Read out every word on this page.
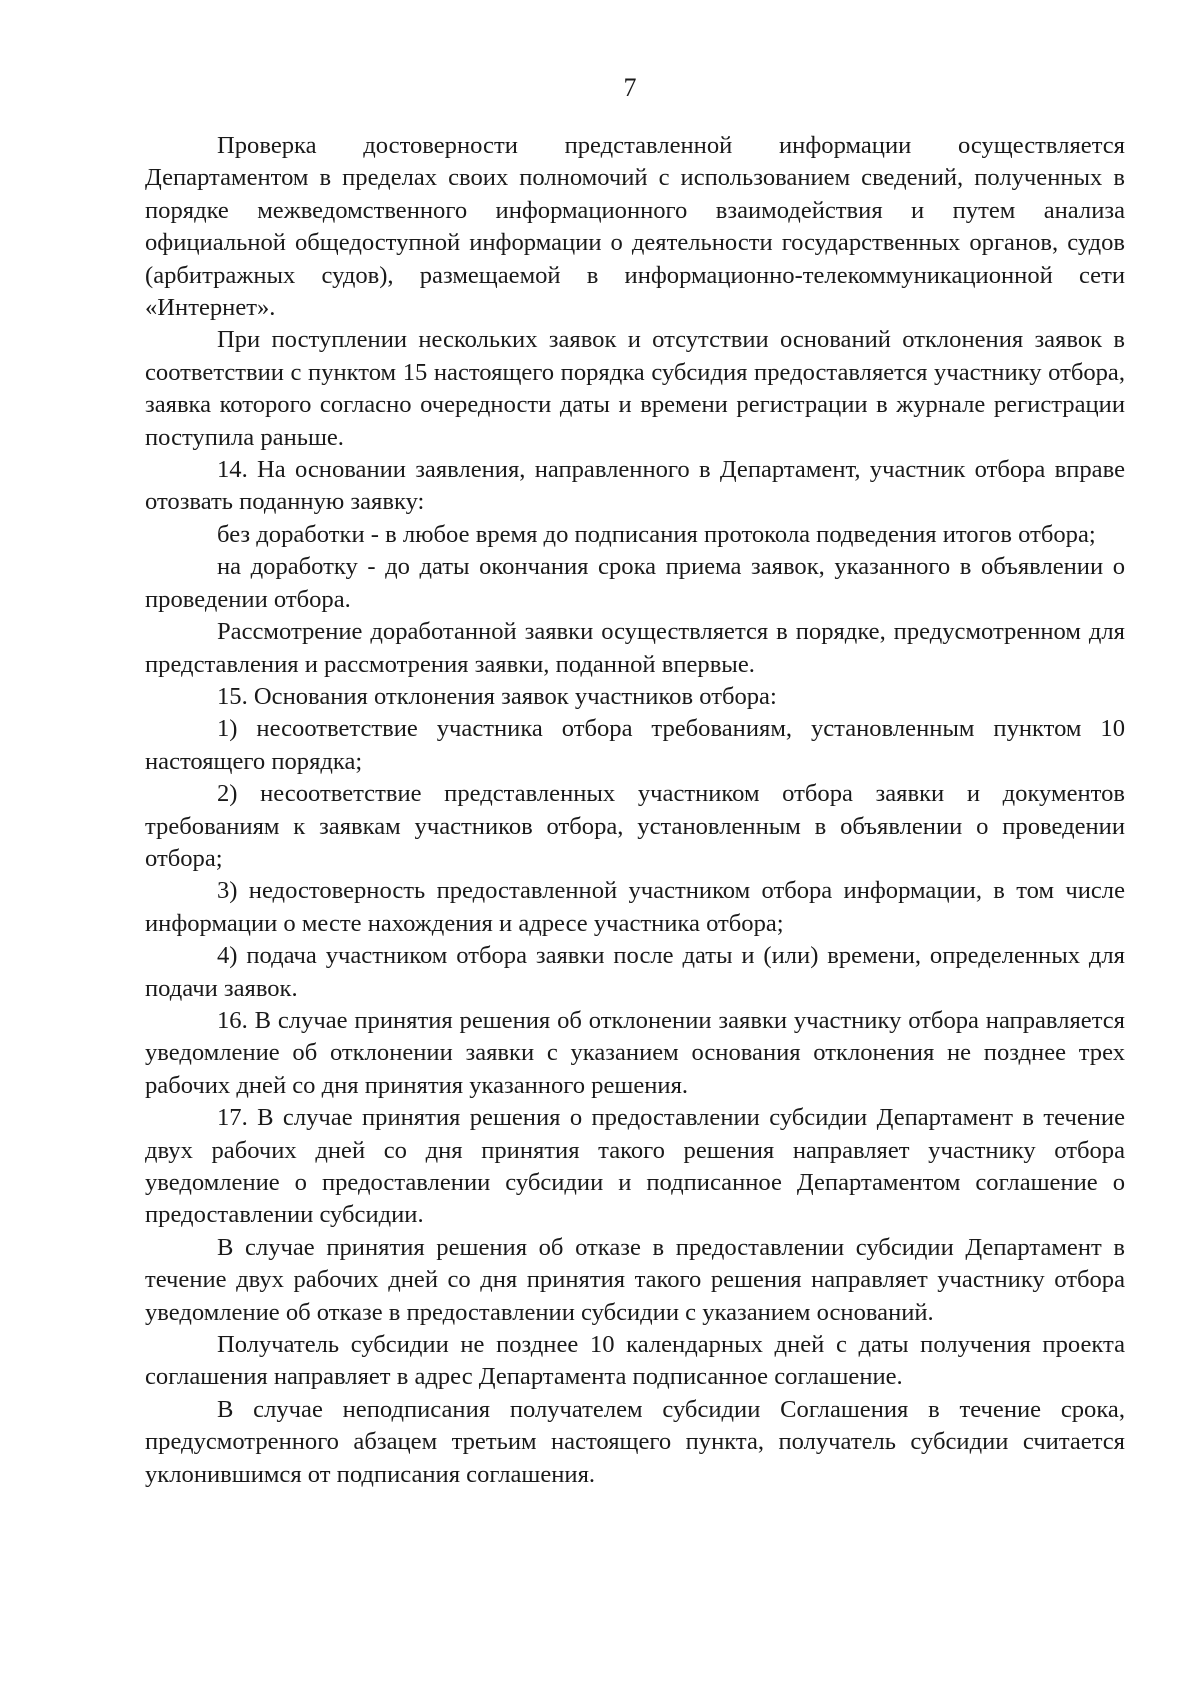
7

Проверка достоверности представленной информации осуществляется Департаментом в пределах своих полномочий с использованием сведений, полученных в порядке межведомственного информационного взаимодействия и путем анализа официальной общедоступной информации о деятельности государственных органов, судов (арбитражных судов), размещаемой в информационно-телекоммуникационной сети «Интернет».

При поступлении нескольких заявок и отсутствии оснований отклонения заявок в соответствии с пунктом 15 настоящего порядка субсидия предоставляется участнику отбора, заявка которого согласно очередности даты и времени регистрации в журнале регистрации поступила раньше.

14. На основании заявления, направленного в Департамент, участник отбора вправе отозвать поданную заявку:

без доработки - в любое время до подписания протокола подведения итогов отбора;

на доработку - до даты окончания срока приема заявок, указанного в объявлении о проведении отбора.

Рассмотрение доработанной заявки осуществляется в порядке, предусмотренном для представления и рассмотрения заявки, поданной впервые.

15. Основания отклонения заявок участников отбора:

1) несоответствие участника отбора требованиям, установленным пунктом 10 настоящего порядка;

2) несоответствие представленных участником отбора заявки и документов требованиям к заявкам участников отбора, установленным в объявлении о проведении отбора;

3) недостоверность предоставленной участником отбора информации, в том числе информации о месте нахождения и адресе участника отбора;

4) подача участником отбора заявки после даты и (или) времени, определенных для подачи заявок.

16. В случае принятия решения об отклонении заявки участнику отбора направляется уведомление об отклонении заявки с указанием основания отклонения не позднее трех рабочих дней со дня принятия указанного решения.

17. В случае принятия решения о предоставлении субсидии Департамент в течение двух рабочих дней со дня принятия такого решения направляет участнику отбора уведомление о предоставлении субсидии и подписанное Департаментом соглашение о предоставлении субсидии.

В случае принятия решения об отказе в предоставлении субсидии Департамент в течение двух рабочих дней со дня принятия такого решения направляет участнику отбора уведомление об отказе в предоставлении субсидии с указанием оснований.

Получатель субсидии не позднее 10 календарных дней с даты получения проекта соглашения направляет в адрес Департамента подписанное соглашение.

В случае неподписания получателем субсидии Соглашения в течение срока, предусмотренного абзацем третьим настоящего пункта, получатель субсидии считается уклонившимся от подписания соглашения.
